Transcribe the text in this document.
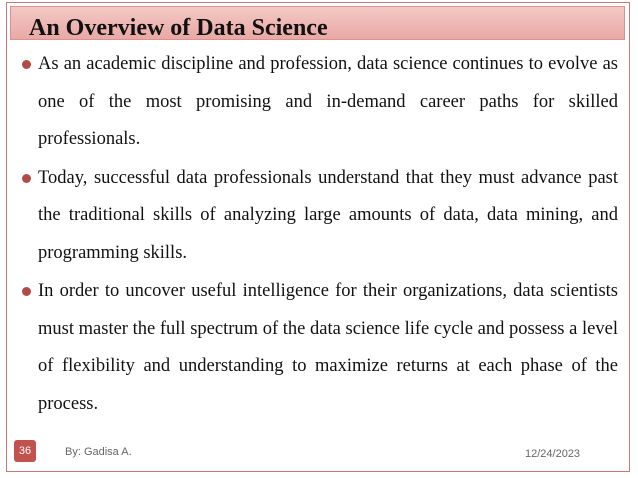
An Overview of Data Science
As an academic discipline and profession, data science continues to evolve as one of the most promising and in-demand career paths for skilled professionals.
Today, successful data professionals understand that they must advance past the traditional skills of analyzing large amounts of data, data mining, and programming skills.
In order to uncover useful intelligence for their organizations, data scientists must master the full spectrum of the data science life cycle and possess a level of flexibility and understanding to maximize returns at each phase of the process.
36	By: Gadisa A.	12/24/2023
